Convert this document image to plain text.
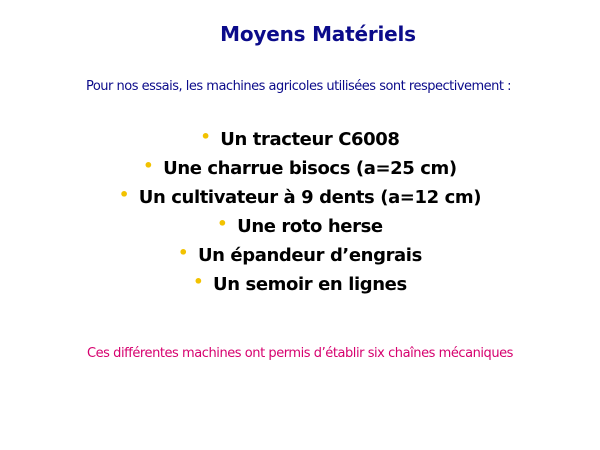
Moyens Matériels
Pour nos essais, les machines agricoles utilisées sont respectivement :
• Un tracteur C6008
• Une charrue bisocs (a=25 cm)
• Un cultivateur à 9 dents (a=12 cm)
• Une roto herse
• Un épandeur d’engrais
• Un semoir en lignes
Ces différentes machines ont permis d’établir six chaînes mécaniques
